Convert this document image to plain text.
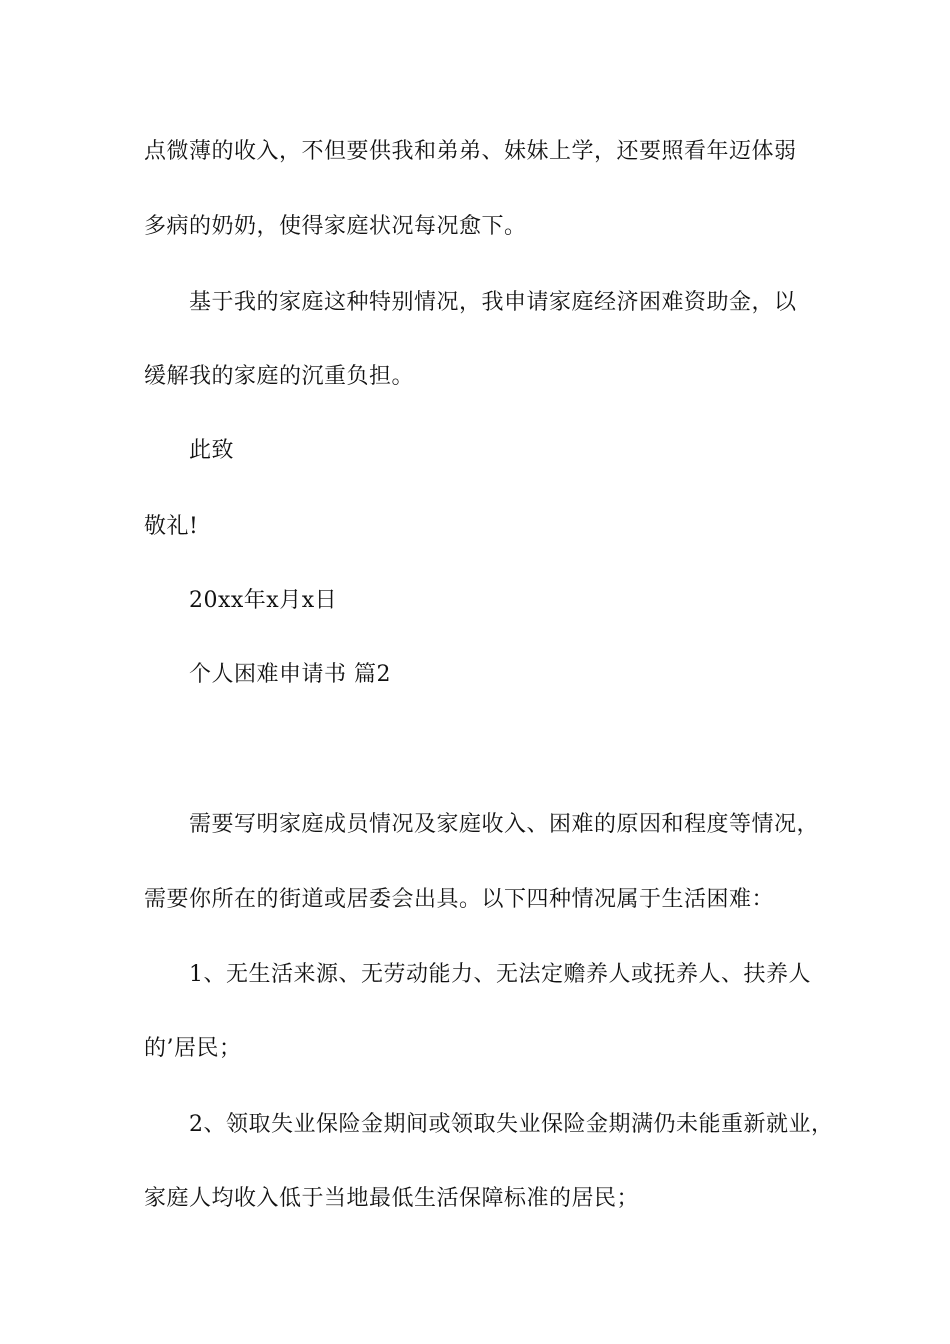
点微薄的收入，不但要供我和弟弟、妹妹上学，还要照看年迈体弱
多病的奶奶，使得家庭状况每况愈下。
基于我的家庭这种特别情况，我申请家庭经济困难资助金，以
缓解我的家庭的沉重负担。
此致
敬礼!
20xx年x月x日
个人困难申请书 篇2
需要写明家庭成员情况及家庭收入、困难的原因和程度等情况，
需要你所在的街道或居委会出具。以下四种情况属于生活困难：
1、无生活来源、无劳动能力、无法定赡养人或抚养人、扶养人
的’居民；
2、领取失业保险金期间或领取失业保险金期满仍未能重新就业，
家庭人均收入低于当地最低生活保障标准的居民；
